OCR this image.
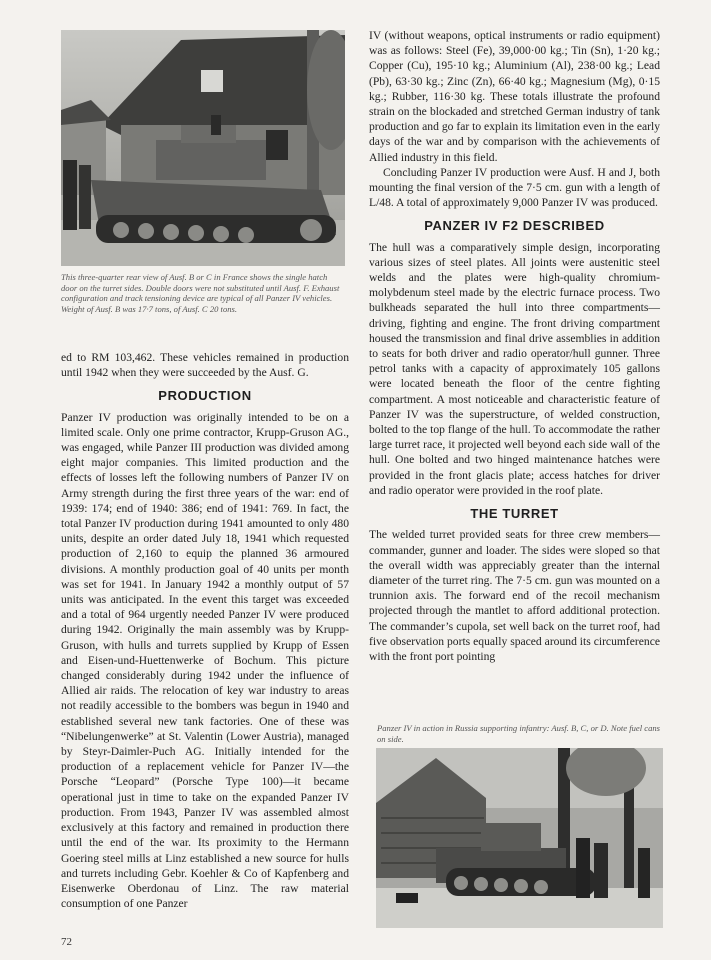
This three-quarter rear view of Ausf. B or C in France shows the single hatch door on the turret sides. Double doors were not substituted until Ausf. F. Exhaust configuration and track tensioning device are typical of all Panzer IV vehicles. Weight of Ausf. B was 17·7 tons, of Ausf. C 20 tons.

ed to RM 103,462. These vehicles remained in production until 1942 when they were succeeded by the Ausf. G.

PRODUCTION

Panzer IV production was originally intended to be on a limited scale. Only one prime contractor, Krupp-Gruson AG., was engaged, while Panzer III production was divided among eight major companies. This limited production and the effects of losses left the following numbers of Panzer IV on Army strength during the first three years of the war: end of 1939: 174; end of 1940: 386; end of 1941: 769. In fact, the total Panzer IV production during 1941 amounted to only 480 units, despite an order dated July 18, 1941 which requested production of 2,160 to equip the planned 36 armoured divisions. A monthly production goal of 40 units per month was set for 1941. In January 1942 a monthly output of 57 units was anticipated. In the event this target was exceeded and a total of 964 urgently needed Panzer IV were produced during 1942. Originally the main assembly was by Krupp-Gruson, with hulls and turrets supplied by Krupp of Essen and Eisen-und-Huettenwerke of Bochum. This picture changed considerably during 1942 under the influence of Allied air raids. The relocation of key war industry to areas not readily accessible to the bombers was begun in 1940 and established several new tank factories. One of these was “Nibelungenwerke” at St. Valentin (Lower Austria), managed by Steyr-Daimler-Puch AG. Initially intended for the production of a replacement vehicle for Panzer IV—the Porsche “Leopard” (Porsche Type 100)—it became operational just in time to take on the expanded Panzer IV production. From 1943, Panzer IV was assembled almost exclusively at this factory and remained in production there until the end of the war. Its proximity to the Hermann Goering steel mills at Linz established a new source for hulls and turrets including Gebr. Koehler & Co of Kapfenberg and Eisenwerke Oberdonau of Linz. The raw material consumption of one Panzer

IV (without weapons, optical instruments or radio equipment) was as follows: Steel (Fe), 39,000·00 kg.; Tin (Sn), 1·20 kg.; Copper (Cu), 195·10 kg.; Aluminium (Al), 238·00 kg.; Lead (Pb), 63·30 kg.; Zinc (Zn), 66·40 kg.; Magnesium (Mg), 0·15 kg.; Rubber, 116·30 kg. These totals illustrate the profound strain on the blockaded and stretched German industry of tank production and go far to explain its limitation even in the early days of the war and by comparison with the achievements of Allied industry in this field.

Concluding Panzer IV production were Ausf. H and J, both mounting the final version of the 7·5 cm. gun with a length of L/48. A total of approximately 9,000 Panzer IV was produced.

PANZER IV F2 DESCRIBED

The hull was a comparatively simple design, incorporating various sizes of steel plates. All joints were austenitic steel welds and the plates were high-quality chromium-molybdenum steel made by the electric furnace process. Two bulkheads separated the hull into three compartments—driving, fighting and engine. The front driving compartment housed the transmission and final drive assemblies in addition to seats for both driver and radio operator/hull gunner. Three petrol tanks with a capacity of approximately 105 gallons were located beneath the floor of the centre fighting compartment. A most noticeable and characteristic feature of Panzer IV was the superstructure, of welded construction, bolted to the top flange of the hull. To accommodate the rather large turret race, it projected well beyond each side wall of the hull. One bolted and two hinged maintenance hatches were provided in the front glacis plate; access hatches for driver and radio operator were provided in the roof plate.

THE TURRET

The welded turret provided seats for three crew members—commander, gunner and loader. The sides were sloped so that the overall width was appreciably greater than the internal diameter of the turret ring. The 7·5 cm. gun was mounted on a trunnion axis. The forward end of the recoil mechanism projected through the mantlet to afford additional protection. The commander’s cupola, set well back on the turret roof, had five observation ports equally spaced around its circumference with the front port pointing

Panzer IV in action in Russia supporting infantry: Ausf. B, C, or D. Note fuel cans on side.
72
